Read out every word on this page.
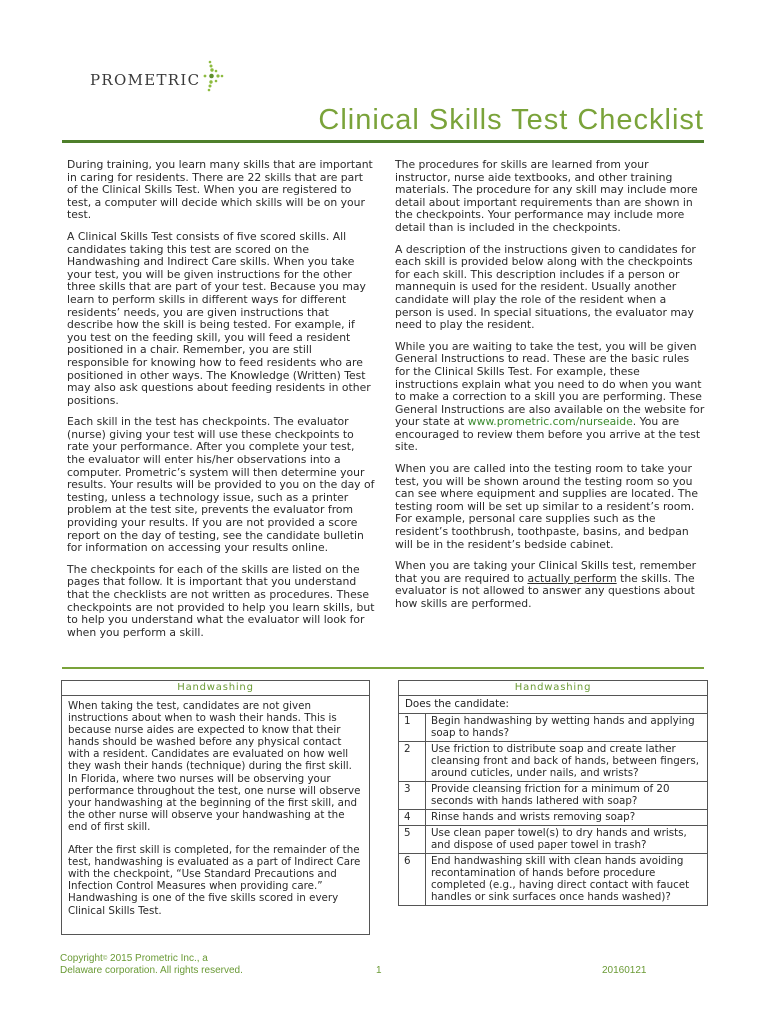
PROMETRIC
Clinical Skills Test Checklist

During training, you learn many skills that are important in caring for residents. There are 22 skills that are part of the Clinical Skills Test. When you are registered to test, a computer will decide which skills will be on your test.

A Clinical Skills Test consists of five scored skills. All candidates taking this test are scored on the Handwashing and Indirect Care skills. When you take your test, you will be given instructions for the other three skills that are part of your test. Because you may learn to perform skills in different ways for different residents’ needs, you are given instructions that describe how the skill is being tested. For example, if you test on the feeding skill, you will feed a resident positioned in a chair. Remember, you are still responsible for knowing how to feed residents who are positioned in other ways. The Knowledge (Written) Test may also ask questions about feeding residents in other positions.

Each skill in the test has checkpoints. The evaluator (nurse) giving your test will use these checkpoints to rate your performance. After you complete your test, the evaluator will enter his/her observations into a computer. Prometric’s system will then determine your results. Your results will be provided to you on the day of testing, unless a technology issue, such as a printer problem at the test site, prevents the evaluator from providing your results. If you are not provided a score report on the day of testing, see the candidate bulletin for information on accessing your results online.

The checkpoints for each of the skills are listed on the pages that follow. It is important that you understand that the checklists are not written as procedures. These checkpoints are not provided to help you learn skills, but to help you understand what the evaluator will look for when you perform a skill.

The procedures for skills are learned from your instructor, nurse aide textbooks, and other training materials. The procedure for any skill may include more detail about important requirements than are shown in the checkpoints. Your performance may include more detail than is included in the checkpoints.

A description of the instructions given to candidates for each skill is provided below along with the checkpoints for each skill. This description includes if a person or mannequin is used for the resident. Usually another candidate will play the role of the resident when a person is used. In special situations, the evaluator may need to play the resident.

While you are waiting to take the test, you will be given General Instructions to read. These are the basic rules for the Clinical Skills Test. For example, these instructions explain what you need to do when you want to make a correction to a skill you are performing. These General Instructions are also available on the website for your state at www.prometric.com/nurseaide. You are encouraged to review them before you arrive at the test site.

When you are called into the testing room to take your test, you will be shown around the testing room so you can see where equipment and supplies are located. The testing room will be set up similar to a resident’s room. For example, personal care supplies such as the resident’s toothbrush, toothpaste, basins, and bedpan will be in the resident’s bedside cabinet.

When you are taking your Clinical Skills test, remember that you are required to actually perform the skills. The evaluator is not allowed to answer any questions about how skills are performed.

Handwashing

When taking the test, candidates are not given instructions about when to wash their hands. This is because nurse aides are expected to know that their hands should be washed before any physical contact with a resident. Candidates are evaluated on how well they wash their hands (technique) during the first skill. In Florida, where two nurses will be observing your performance throughout the test, one nurse will observe your handwashing at the beginning of the first skill, and the other nurse will observe your handwashing at the end of first skill.

After the first skill is completed, for the remainder of the test, handwashing is evaluated as a part of Indirect Care with the checkpoint, “Use Standard Precautions and Infection Control Measures when providing care.” Handwashing is one of the five skills scored in every Clinical Skills Test.

Handwashing
Does the candidate:
1	Begin handwashing by wetting hands and applying soap to hands?
2	Use friction to distribute soap and create lather cleansing front and back of hands, between fingers, around cuticles, under nails, and wrists?
3	Provide cleansing friction for a minimum of 20 seconds with hands lathered with soap?
4	Rinse hands and wrists removing soap?
5	Use clean paper towel(s) to dry hands and wrists, and dispose of used paper towel in trash?
6	End handwashing skill with clean hands avoiding recontamination of hands before procedure completed (e.g., having direct contact with faucet handles or sink surfaces once hands washed)?
Copyright© 2015 Prometric Inc., a
Delaware corporation. All rights reserved.	1	20160121
